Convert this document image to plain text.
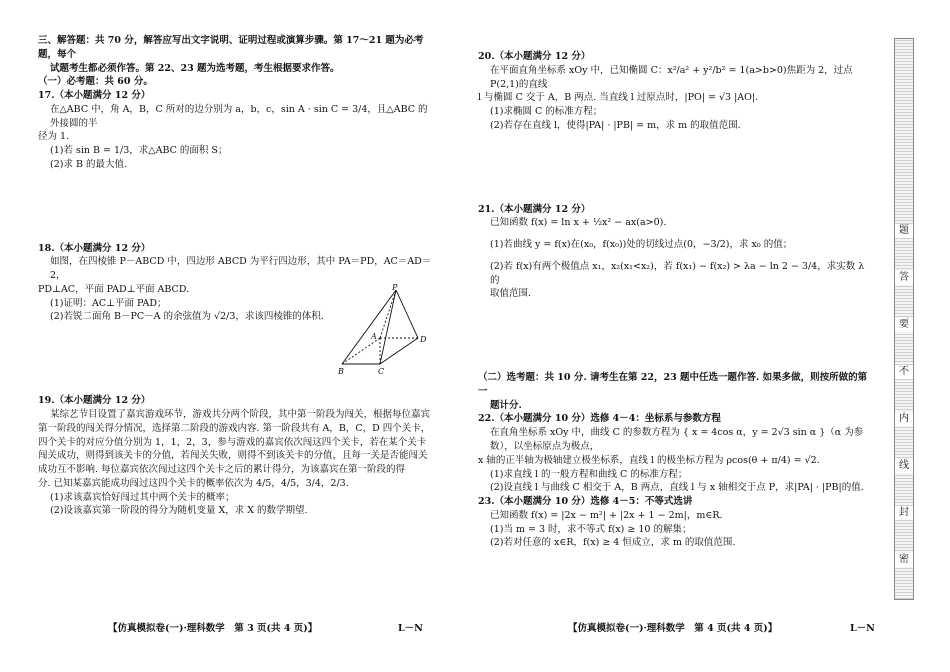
三、解答题：共 70 分，解答应写出文字说明、证明过程或演算步骤。第 17～21 题为必考题，每个

试题考生都必须作答。第 22、23 题为选考题，考生根据要求作答。

（一）必考题：共 60 分。

17.（本小题满分 12 分）

在△ABC 中，角 A，B，C 所对的边分别为 a，b，c，sin A · sin C = 3/4，且△ABC 的外接圆的半

径为 1.

(1)若 sin B = 1/3，求△ABC 的面积 S；

(2)求 B 的最大值.

18.（本小题满分 12 分）

如图，在四棱锥 P－ABCD 中，四边形 ABCD 为平行四边形，其中 PA＝PD，AC＝AD＝2，

PD⊥AC，平面 PAD⊥平面 ABCD.

(1)证明：AC⊥平面 PAD；

(2)若锐二面角 B－PC－A 的余弦值为 √2/3，求该四棱锥的体积.

P
A
B	C
D

19.（本小题满分 12 分）

某综艺节目设置了嘉宾游戏环节，游戏共分两个阶段，其中第一阶段为闯关，根据每位嘉宾

第一阶段的闯关得分情况，选择第二阶段的游戏内容. 第一阶段共有 A，B，C，D 四个关卡，

四个关卡的对应分值分别为 1，1，2，3，参与游戏的嘉宾依次闯这四个关卡，若在某个关卡

闯关成功，则得到该关卡的分值，若闯关失败，则得不到该关卡的分值，且每一关是否能闯关

成功互不影响. 每位嘉宾依次闯过这四个关卡之后的累计得分，为该嘉宾在第一阶段的得

分. 已知某嘉宾能成功闯过这四个关卡的概率依次为 4/5，4/5，3/4，2/3.

(1)求该嘉宾恰好闯过其中两个关卡的概率；

(2)设该嘉宾第一阶段的得分为随机变量 X，求 X 的数学期望.

20.（本小题满分 12 分）

在平面直角坐标系 xOy 中，已知椭圆 C：x²/a² + y²/b² = 1(a>b>0)焦距为 2，过点 P(2,1)的直线

l 与椭圆 C 交于 A，B 两点. 当直线 l 过原点时，|PO| = √3 |AO|.

(1)求椭圆 C 的标准方程；

(2)若存在直线 l，使得|PA| · |PB| = m，求 m 的取值范围.

21.（本小题满分 12 分）

已知函数 f(x) = ln x + ½x² − ax(a>0).

(1)若曲线 y = f(x)在(x₀，f(x₀))处的切线过点(0，−3/2)，求 x₀ 的值；

(2)若 f(x)有两个极值点 x₁，x₂(x₁<x₂)，若 f(x₁) − f(x₂) > λa − ln 2 − 3/4，求实数 λ 的

取值范围.

（二）选考题：共 10 分. 请考生在第 22，23 题中任选一题作答. 如果多做，则按所做的第一

题计分.

22.（本小题满分 10 分）选修 4－4：坐标系与参数方程

在直角坐标系 xOy 中，曲线 C 的参数方程为 { x = 4cos α，y = 2√3 sin α }（α 为参数），以坐标原点为极点，

x 轴的正半轴为极轴建立极坐标系，直线 l 的极坐标方程为 ρcos(θ + π/4) = √2.

(1)求直线 l 的一般方程和曲线 C 的标准方程；

(2)设直线 l 与曲线 C 相交于 A，B 两点，直线 l 与 x 轴相交于点 P，求|PA| · |PB|的值.

23.（本小题满分 10 分）选修 4－5：不等式选讲

已知函数 f(x) = |2x − m²| + |2x + 1 − 2m|，m∈R.

(1)当 m = 3 时，求不等式 f(x) ≥ 10 的解集；

(2)若对任意的 x∈R，f(x) ≥ 4 恒成立，求 m 的取值范围.

【仿真模拟卷(一)·理科数学　第 3 页(共 4 页)】	L－N	【仿真模拟卷(一)·理科数学　第 4 页(共 4 页)】	L－N
题
答
要
不
内
线
封
密
